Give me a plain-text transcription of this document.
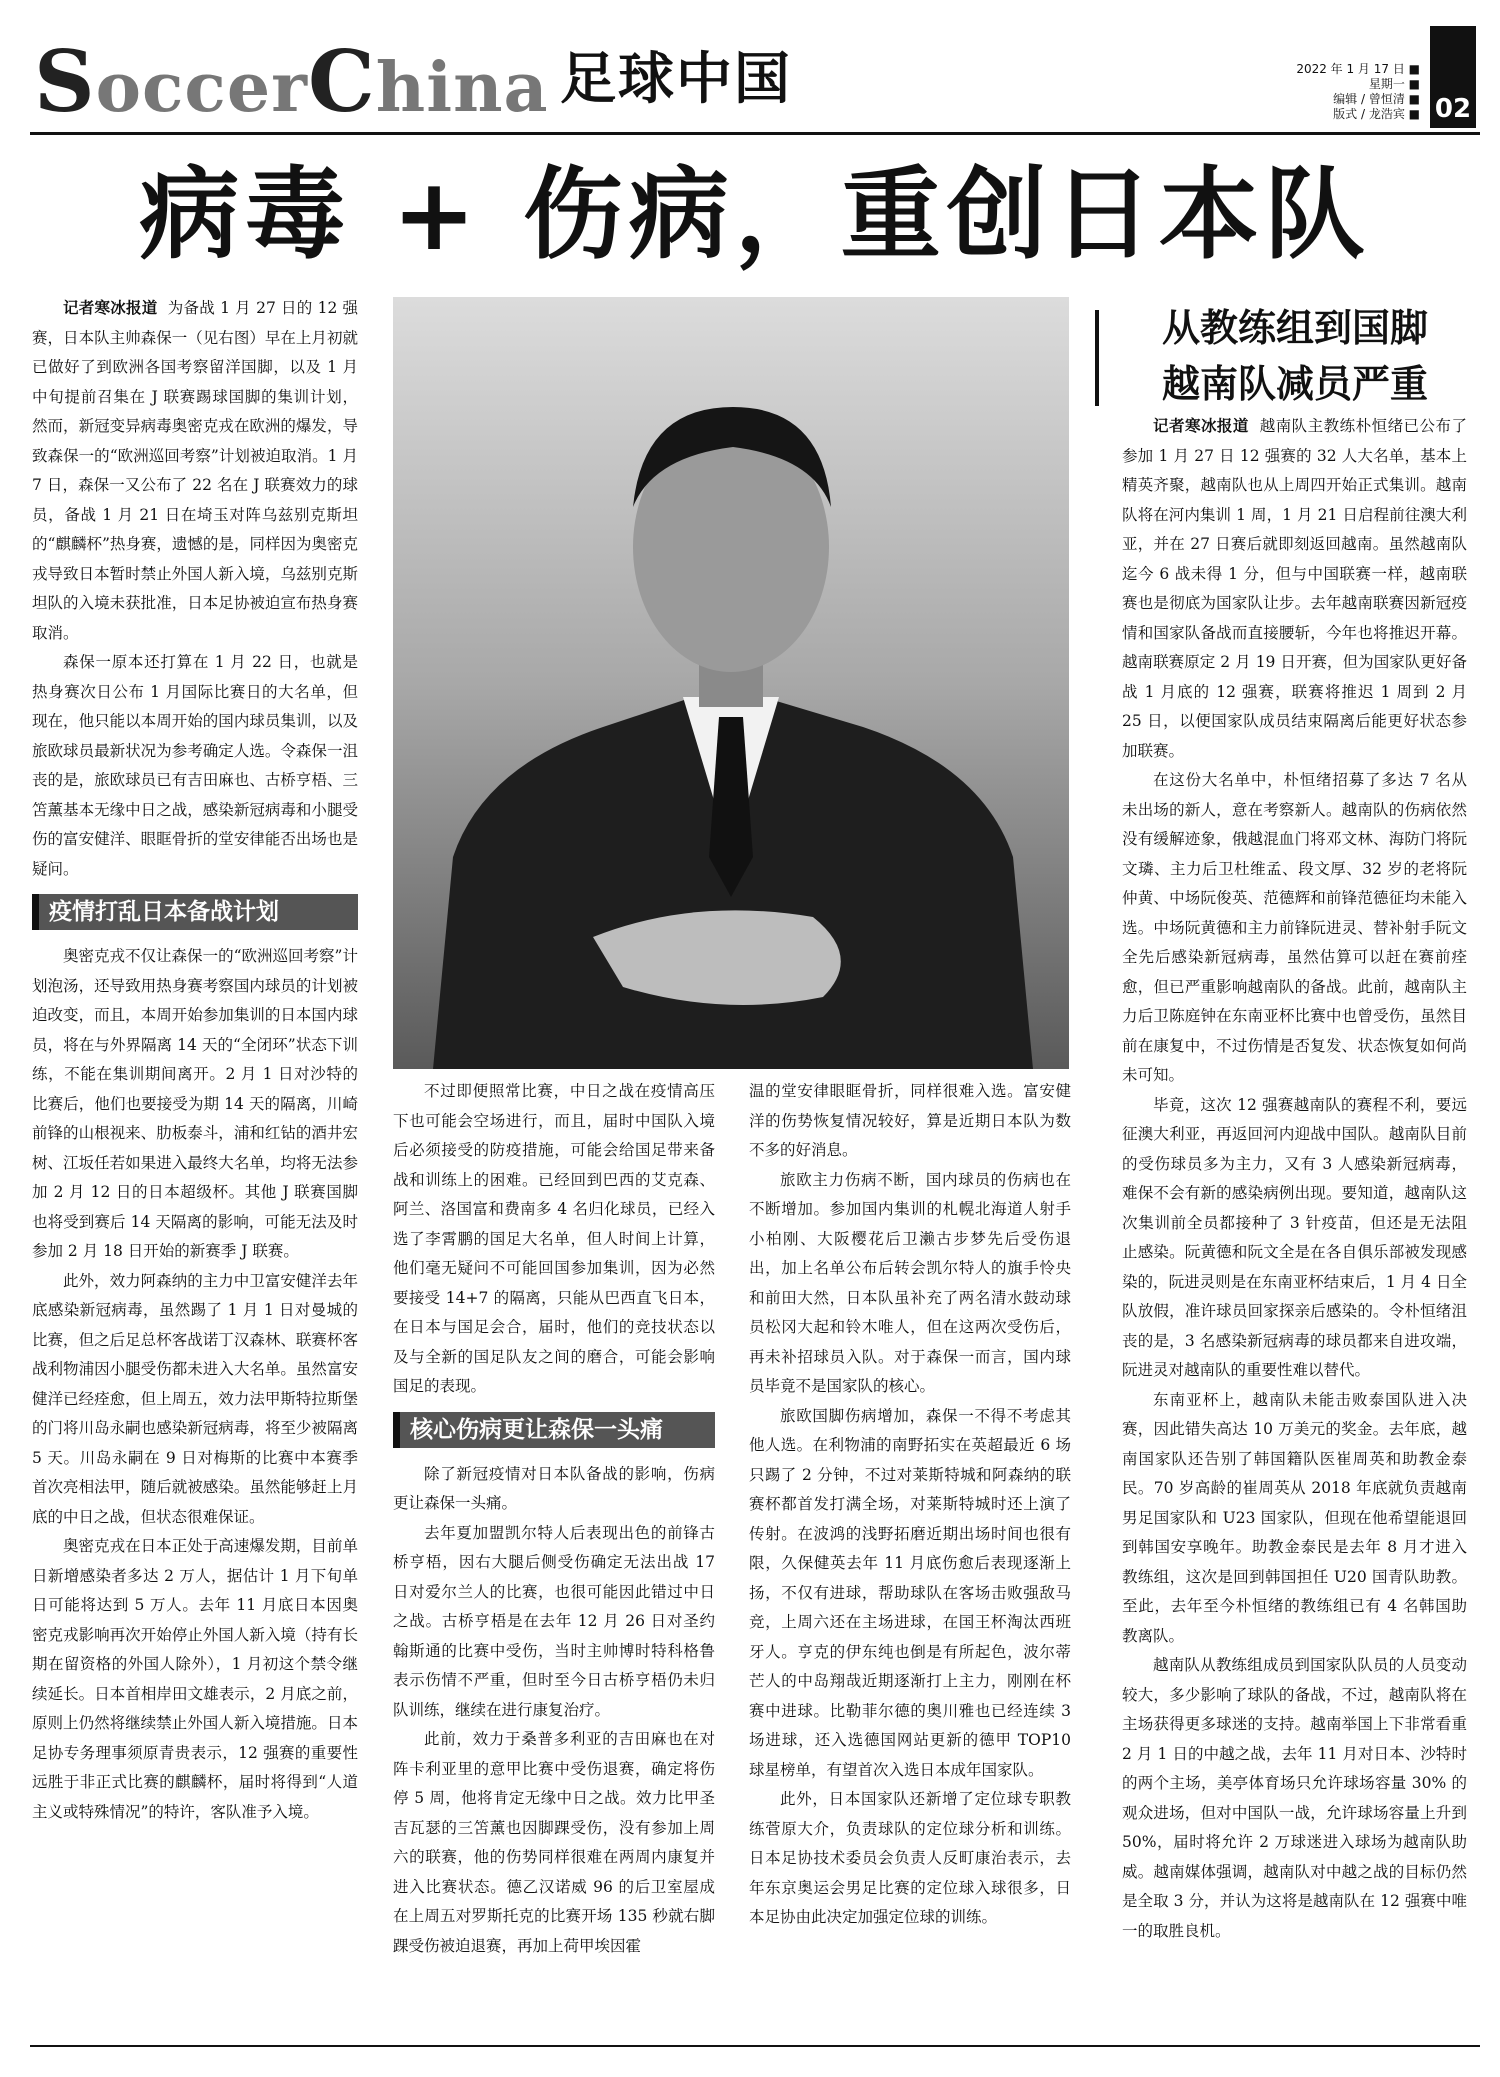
SoccerChina 足球中国	2022 年 1 月 17 日 ■
星期一 ■
编辑 / 曾恒清 ■
版式 / 龙浩宾 ■	02
病毒 + 伤病，重创日本队

记者寒冰报道 为备战 1 月 27 日的 12 强赛，日本队主帅森保一（见右图）早在上月初就已做好了到欧洲各国考察留洋国脚，以及 1 月中旬提前召集在 J 联赛踢球国脚的集训计划，然而，新冠变异病毒奥密克戎在欧洲的爆发，导致森保一的“欧洲巡回考察”计划被迫取消。1 月 7 日，森保一又公布了 22 名在 J 联赛效力的球员，备战 1 月 21 日在埼玉对阵乌兹别克斯坦的“麒麟杯”热身赛，遗憾的是，同样因为奥密克戎导致日本暂时禁止外国人新入境，乌兹别克斯坦队的入境未获批准，日本足协被迫宣布热身赛取消。

森保一原本还打算在 1 月 22 日，也就是热身赛次日公布 1 月国际比赛日的大名单，但现在，他只能以本周开始的国内球员集训，以及旅欧球员最新状况为参考确定人选。令森保一沮丧的是，旅欧球员已有吉田麻也、古桥亨梧、三笘薰基本无缘中日之战，感染新冠病毒和小腿受伤的富安健洋、眼眶骨折的堂安律能否出场也是疑问。

疫情打乱日本备战计划

奥密克戎不仅让森保一的“欧洲巡回考察”计划泡汤，还导致用热身赛考察国内球员的计划被迫改变，而且，本周开始参加集训的日本国内球员，将在与外界隔离 14 天的“全闭环”状态下训练，不能在集训期间离开。2 月 1 日对沙特的比赛后，他们也要接受为期 14 天的隔离，川崎前锋的山根视来、肋板泰斗，浦和红钻的酒井宏树、江坂任若如果进入最终大名单，均将无法参加 2 月 12 日的日本超级杯。其他 J 联赛国脚也将受到赛后 14 天隔离的影响，可能无法及时参加 2 月 18 日开始的新赛季 J 联赛。

此外，效力阿森纳的主力中卫富安健洋去年底感染新冠病毒，虽然踢了 1 月 1 日对曼城的比赛，但之后足总杯客战诺丁汉森林、联赛杯客战利物浦因小腿受伤都未进入大名单。虽然富安健洋已经痊愈，但上周五，效力法甲斯特拉斯堡的门将川岛永嗣也感染新冠病毒，将至少被隔离 5 天。川岛永嗣在 9 日对梅斯的比赛中本赛季首次亮相法甲，随后就被感染。虽然能够赶上月底的中日之战，但状态很难保证。

奥密克戎在日本正处于高速爆发期，目前单日新增感染者多达 2 万人，据估计 1 月下旬单日可能将达到 5 万人。去年 11 月底日本因奥密克戎影响再次开始停止外国人新入境（持有长期在留资格的外国人除外），1 月初这个禁令继续延长。日本首相岸田文雄表示，2 月底之前，原则上仍然将继续禁止外国人新入境措施。日本足协专务理事须原青贵表示，12 强赛的重要性远胜于非正式比赛的麒麟杯，届时将得到“人道主义或特殊情况”的特许，客队准予入境。

不过即便照常比赛，中日之战在疫情高压下也可能会空场进行，而且，届时中国队入境后必须接受的防疫措施，可能会给国足带来备战和训练上的困难。已经回到巴西的艾克森、阿兰、洛国富和费南多 4 名归化球员，已经入选了李霄鹏的国足大名单，但人时间上计算，他们毫无疑问不可能回国参加集训，因为必然要接受 14+7 的隔离，只能从巴西直飞日本，在日本与国足会合，届时，他们的竞技状态以及与全新的国足队友之间的磨合，可能会影响国足的表现。

核心伤病更让森保一头痛

除了新冠疫情对日本队备战的影响，伤病更让森保一头痛。

去年夏加盟凯尔特人后表现出色的前锋古桥亨梧，因右大腿后侧受伤确定无法出战 17 日对爱尔兰人的比赛，也很可能因此错过中日之战。古桥亨梧是在去年 12 月 26 日对圣约翰斯通的比赛中受伤，当时主帅博时特科格鲁表示伤情不严重，但时至今日古桥亨梧仍未归队训练，继续在进行康复治疗。

此前，效力于桑普多利亚的吉田麻也在对阵卡利亚里的意甲比赛中受伤退赛，确定将伤停 5 周，他将肯定无缘中日之战。效力比甲圣吉瓦瑟的三笘薰也因脚踝受伤，没有参加上周六的联赛，他的伤势同样很难在两周内康复并进入比赛状态。德乙汉诺威 96 的后卫室屋成在上周五对罗斯托克的比赛开场 135 秒就右脚踝受伤被迫退赛，再加上荷甲埃因霍

温的堂安律眼眶骨折，同样很难入选。富安健洋的伤势恢复情况较好，算是近期日本队为数不多的好消息。

旅欧主力伤病不断，国内球员的伤病也在不断增加。参加国内集训的札幌北海道人射手小柏刚、大阪樱花后卫濑古步梦先后受伤退出，加上名单公布后转会凯尔特人的旗手怜央和前田大然，日本队虽补充了两名清水鼓动球员松冈大起和铃木唯人，但在这两次受伤后，再未补招球员入队。对于森保一而言，国内球员毕竟不是国家队的核心。

旅欧国脚伤病增加，森保一不得不考虑其他人选。在利物浦的南野拓实在英超最近 6 场只踢了 2 分钟，不过对莱斯特城和阿森纳的联赛杯都首发打满全场，对莱斯特城时还上演了传射。在波鸿的浅野拓磨近期出场时间也很有限，久保健英去年 11 月底伤愈后表现逐渐上扬，不仅有进球，帮助球队在客场击败强敌马竞，上周六还在主场进球，在国王杯淘汰西班牙人。亨克的伊东纯也倒是有所起色，波尔蒂芒人的中岛翔哉近期逐渐打上主力，刚刚在杯赛中进球。比勒菲尔德的奥川雅也已经连续 3 场进球，还入选德国网站更新的德甲 TOP10 球星榜单，有望首次入选日本成年国家队。

此外，日本国家队还新增了定位球专职教练菅原大介，负责球队的定位球分析和训练。日本足协技术委员会负责人反町康治表示，去年东京奥运会男足比赛的定位球入球很多，日本足协由此决定加强定位球的训练。

从教练组到国脚
越南队减员严重

记者寒冰报道 越南队主教练朴恒绪已公布了参加 1 月 27 日 12 强赛的 32 人大名单，基本上精英齐聚，越南队也从上周四开始正式集训。越南队将在河内集训 1 周，1 月 21 日启程前往澳大利亚，并在 27 日赛后就即刻返回越南。虽然越南队迄今 6 战未得 1 分，但与中国联赛一样，越南联赛也是彻底为国家队让步。去年越南联赛因新冠疫情和国家队备战而直接腰斩，今年也将推迟开幕。越南联赛原定 2 月 19 日开赛，但为国家队更好备战 1 月底的 12 强赛，联赛将推迟 1 周到 2 月 25 日，以便国家队成员结束隔离后能更好状态参加联赛。

在这份大名单中，朴恒绪招募了多达 7 名从未出场的新人，意在考察新人。越南队的伤病依然没有缓解迹象，俄越混血门将邓文林、海防门将阮文璘、主力后卫杜维孟、段文厚、32 岁的老将阮仲黄、中场阮俊英、范德辉和前锋范德征均未能入选。中场阮黄德和主力前锋阮进灵、替补射手阮文全先后感染新冠病毒，虽然估算可以赶在赛前痊愈，但已严重影响越南队的备战。此前，越南队主力后卫陈庭钟在东南亚杯比赛中也曾受伤，虽然目前在康复中，不过伤情是否复发、状态恢复如何尚未可知。

毕竟，这次 12 强赛越南队的赛程不利，要远征澳大利亚，再返回河内迎战中国队。越南队目前的受伤球员多为主力，又有 3 人感染新冠病毒，难保不会有新的感染病例出现。要知道，越南队这次集训前全员都接种了 3 针疫苗，但还是无法阻止感染。阮黄德和阮文全是在各自俱乐部被发现感染的，阮进灵则是在东南亚杯结束后，1 月 4 日全队放假，准许球员回家探亲后感染的。令朴恒绪沮丧的是，3 名感染新冠病毒的球员都来自进攻端，阮进灵对越南队的重要性难以替代。

东南亚杯上，越南队未能击败泰国队进入决赛，因此错失高达 10 万美元的奖金。去年底，越南国家队还告别了韩国籍队医崔周英和助教金泰民。70 岁高龄的崔周英从 2018 年底就负责越南男足国家队和 U23 国家队，但现在他希望能退回到韩国安享晚年。助教金泰民是去年 8 月才进入教练组，这次是回到韩国担任 U20 国青队助教。至此，去年至今朴恒绪的教练组已有 4 名韩国助教离队。

越南队从教练组成员到国家队队员的人员变动较大，多少影响了球队的备战，不过，越南队将在主场获得更多球迷的支持。越南举国上下非常看重 2 月 1 日的中越之战，去年 11 月对日本、沙特时的两个主场，美亭体育场只允许球场容量 30% 的观众进场，但对中国队一战，允许球场容量上升到 50%，届时将允许 2 万球迷进入球场为越南队助威。越南媒体强调，越南队对中越之战的目标仍然是全取 3 分，并认为这将是越南队在 12 强赛中唯一的取胜良机。
